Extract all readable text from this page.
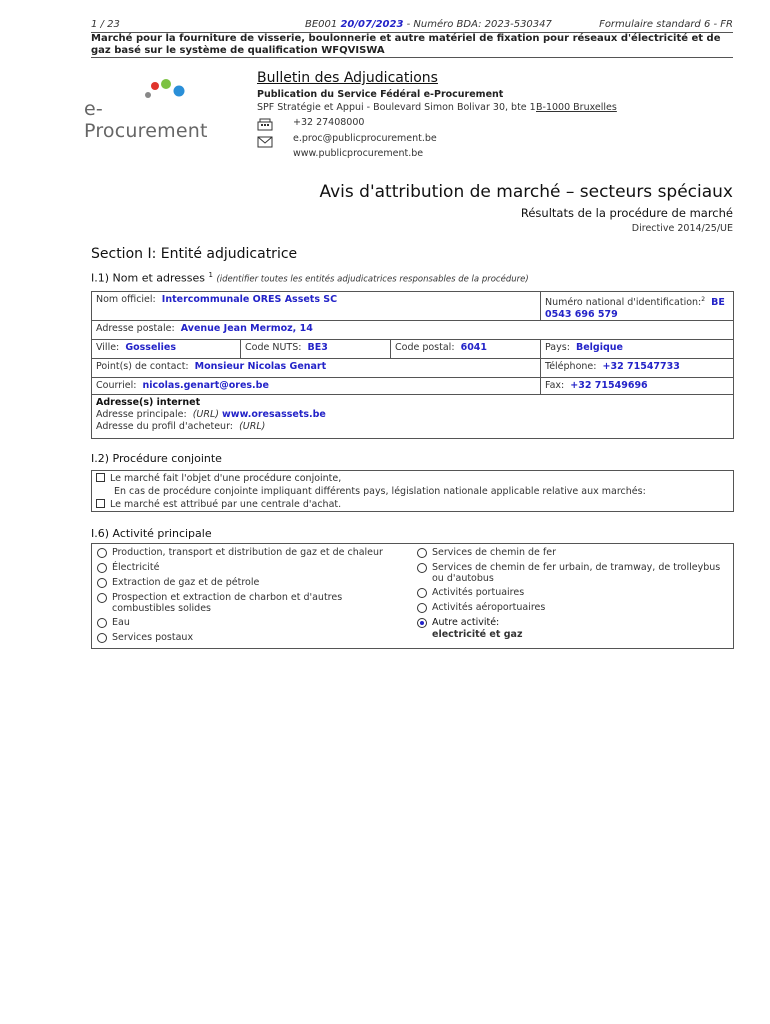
1 / 23	BE001 20/07/2023 - Numéro BDA: 2023-530347	Formulaire standard 6 - FR
Marché pour la fourniture de visserie, boulonnerie et autre matériel de fixation pour réseaux d'électricité et de gaz basé sur le système de qualification WFQVISWA
e-Procurement
Bulletin des Adjudications
Publication du Service Fédéral e-Procurement
SPF Stratégie et Appui - Boulevard Simon Bolivar 30, bte 1 B-1000 Bruxelles
+32 27408000
e.proc@publicprocurement.be
www.publicprocurement.be
Avis d'attribution de marché – secteurs spéciaux
Résultats de la procédure de marché
Directive 2014/25/UE
Section I: Entité adjudicatrice
I.1) Nom et adresses $^1$ (identifier toutes les entités adjudicatrices responsables de la procédure)
Nom officiel: Intercommunale ORES Assets SC	Numéro national d'identification:$^2$ BE
0543 696 579
Adresse postale: Avenue Jean Mermoz, 14
Ville: Gosselies	Code NUTS: BE3	Code postal: 6041	Pays: Belgique
Point(s) de contact: Monsieur Nicolas Genart	Téléphone: +32 71547733
Courriel: nicolas.genart@ores.be	Fax: +32 71549696
Adresse(s) internet
Adresse principale: (URL) www.oresassets.be
Adresse du profil d'acheteur: (URL)
I.2) Procédure conjointe
Le marché fait l'objet d'une procédure conjointe,
En cas de procédure conjointe impliquant différents pays, législation nationale applicable relative aux marchés:
Le marché est attribué par une centrale d'achat.
I.6) Activité principale
Production, transport et distribution de gaz et de chaleur
Électricité
Extraction de gaz et de pétrole
Prospection et extraction de charbon et d'autres combustibles solides
Eau
Services postaux
Services de chemin de fer
Services de chemin de fer urbain, de tramway, de trolleybus ou d'autobus
Activités portuaires
Activités aéroportuaires
Autre activité:
electricité et gaz
